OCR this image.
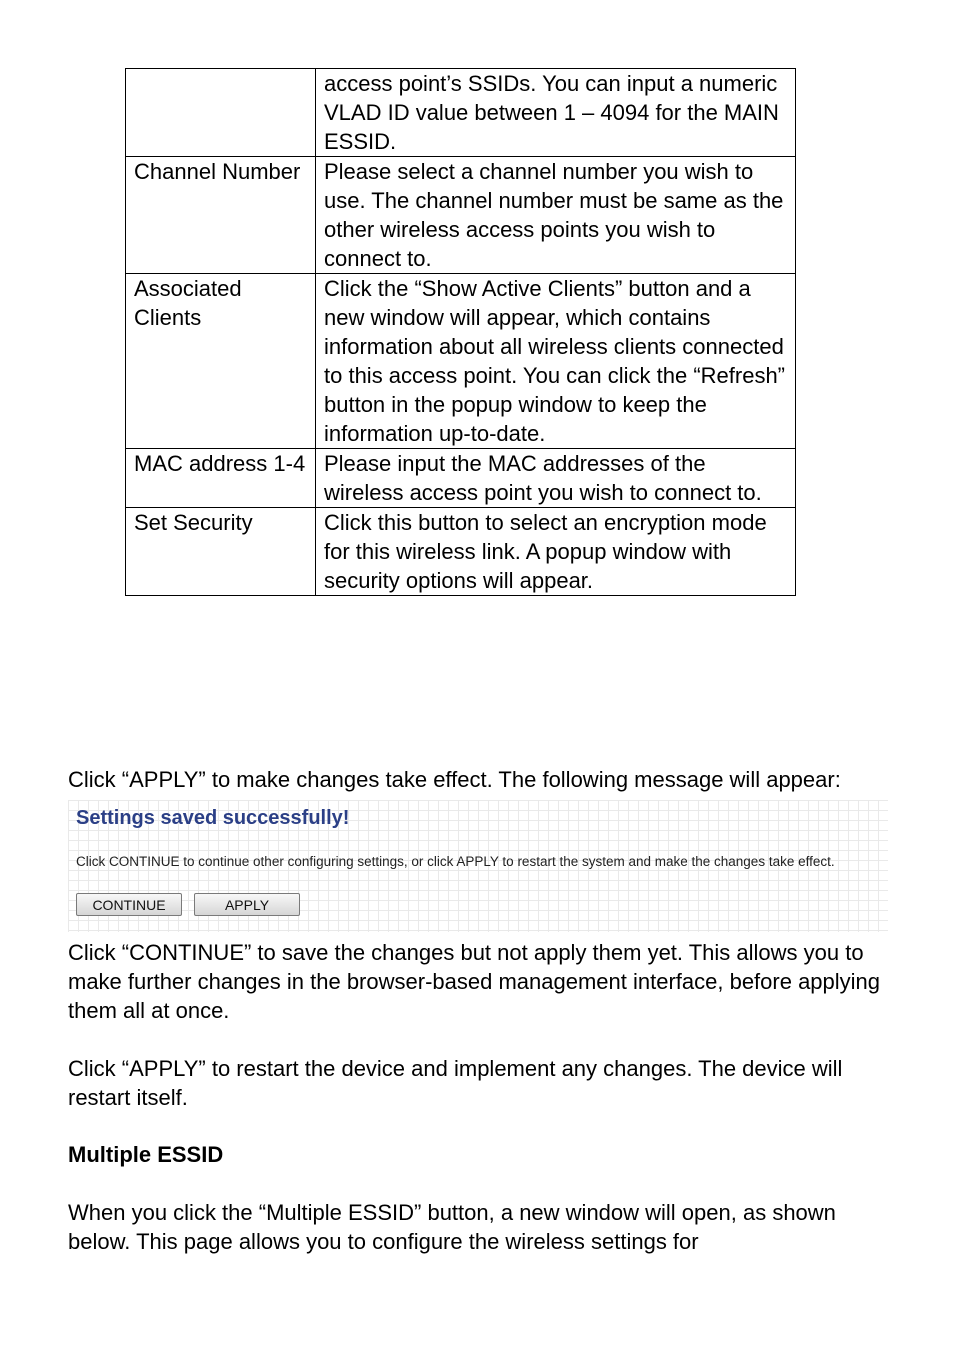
	access point’s SSIDs. You can input a numeric VLAD ID value between 1 – 4094 for the MAIN ESSID.
Channel Number	Please select a channel number you wish to use. The channel number must be same as the other wireless access points you wish to connect to.
Associated Clients	Click the “Show Active Clients” button and a new window will appear, which contains information about all wireless clients connected to this access point. You can click the “Refresh” button in the popup window to keep the information up-to-date.
MAC address 1-4	Please input the MAC addresses of the wireless access point you wish to connect to.
Set Security	Click this button to select an encryption mode for this wireless link. A popup window with security options will appear.

Click “APPLY” to make changes take effect. The following message will appear:

Settings saved successfully!
Click CONTINUE to continue other configuring settings, or click APPLY to restart the system and make the changes take effect.
CONTINUE	APPLY

Click “CONTINUE” to save the changes but not apply them yet. This allows you to make further changes in the browser-based management interface, before applying them all at once.

Click “APPLY” to restart the device and implement any changes. The device will restart itself.

Multiple ESSID

When you click the “Multiple ESSID” button, a new window will open, as shown below. This page allows you to configure the wireless settings for
